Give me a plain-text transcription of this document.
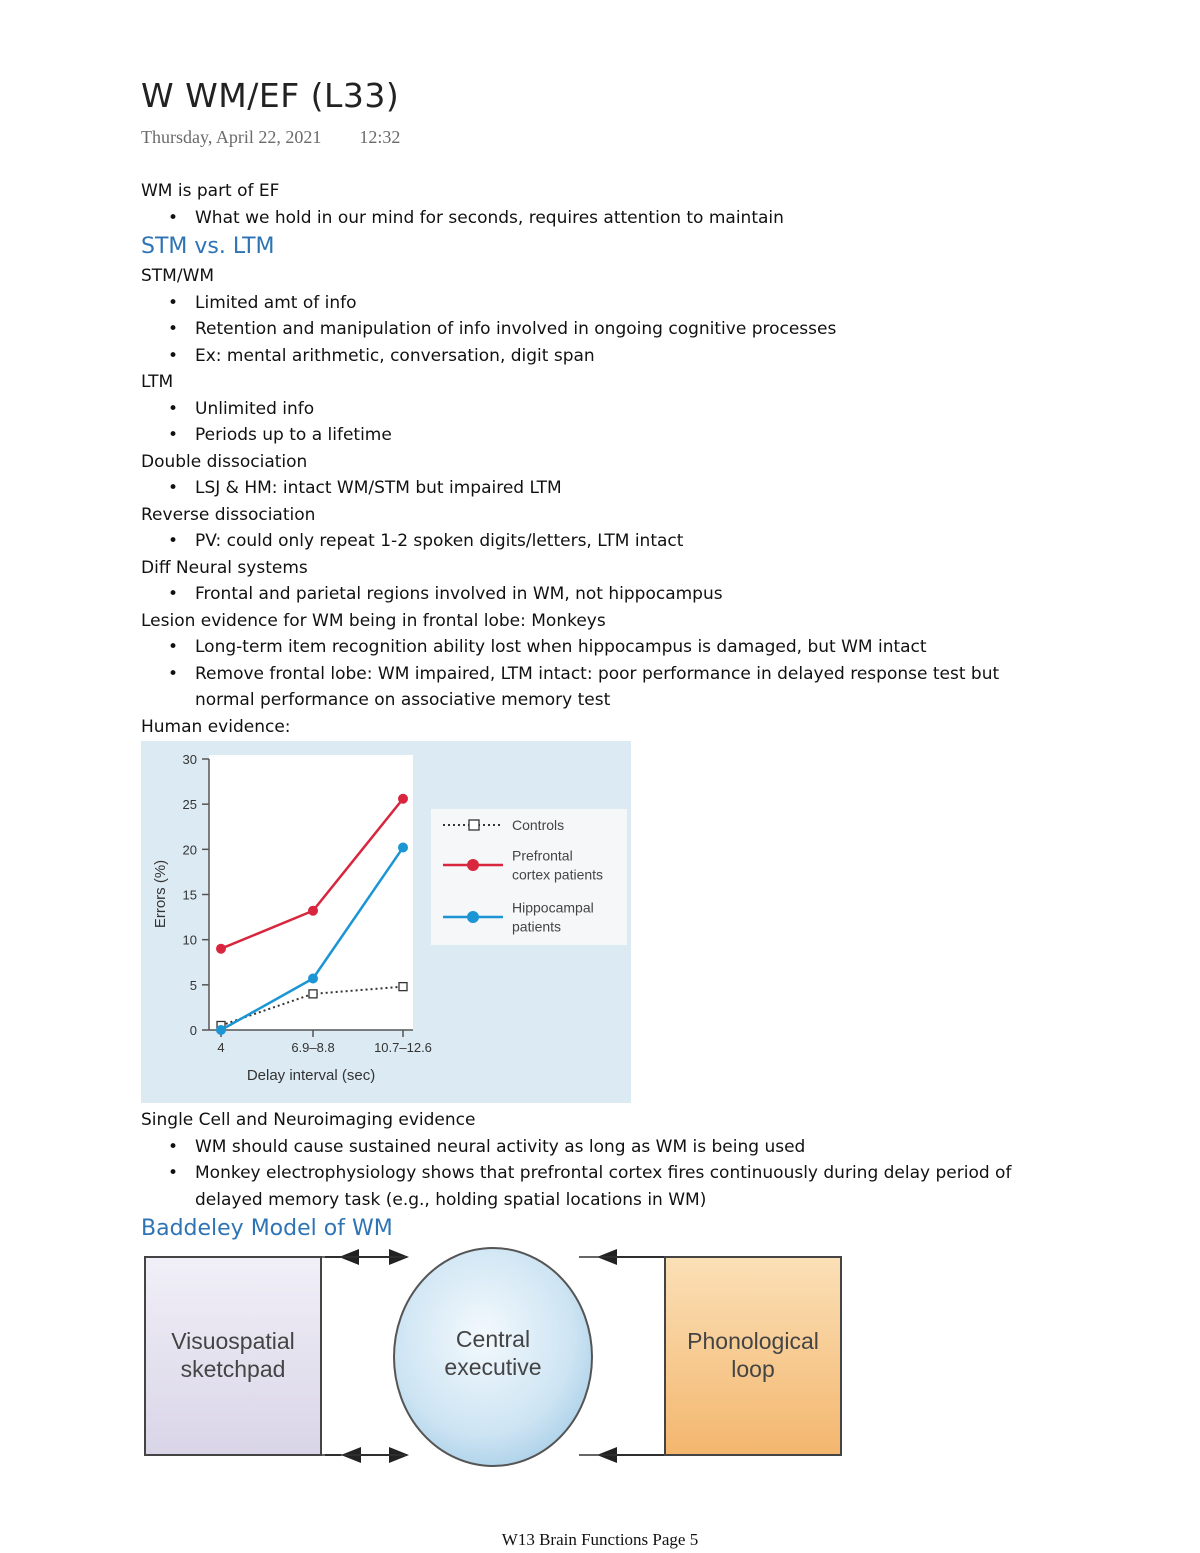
W WM/EF (L33)
Thursday, April 22, 2021 12:32

WM is part of EF

• What we hold in our mind for seconds, requires attention to maintain
STM vs. LTM

STM/WM

• Limited amt of info
• Retention and manipulation of info involved in ongoing cognitive processes
• Ex: mental arithmetic, conversation, digit span

LTM

• Unlimited info
• Periods up to a lifetime

Double dissociation

• LSJ & HM: intact WM/STM but impaired LTM

Reverse dissociation

• PV: could only repeat 1-2 spoken digits/letters, LTM intact

Diff Neural systems

• Frontal and parietal regions involved in WM, not hippocampus

Lesion evidence for WM being in frontal lobe: Monkeys

• Long-term item recognition ability lost when hippocampus is damaged, but WM intact
• Remove frontal lobe: WM impaired, LTM intact: poor performance in delayed response test but normal performance on associative memory test

Human evidence:

0
5
10
15
20
25
30
4	6.9–8.8	10.7–12.6
Delay interval (sec)
Errors (%)
Controls
Prefrontal
cortex patients
Hippocampal
patients

Single Cell and Neuroimaging evidence

• WM should cause sustained neural activity as long as WM is being used
• Monkey electrophysiology shows that prefrontal cortex fires continuously during delay period of delayed memory task (e.g., holding spatial locations in WM)
Baddeley Model of WM
Visuospatial
sketchpad
Phonological
loop
Central
executive
W13 Brain Functions Page 5
